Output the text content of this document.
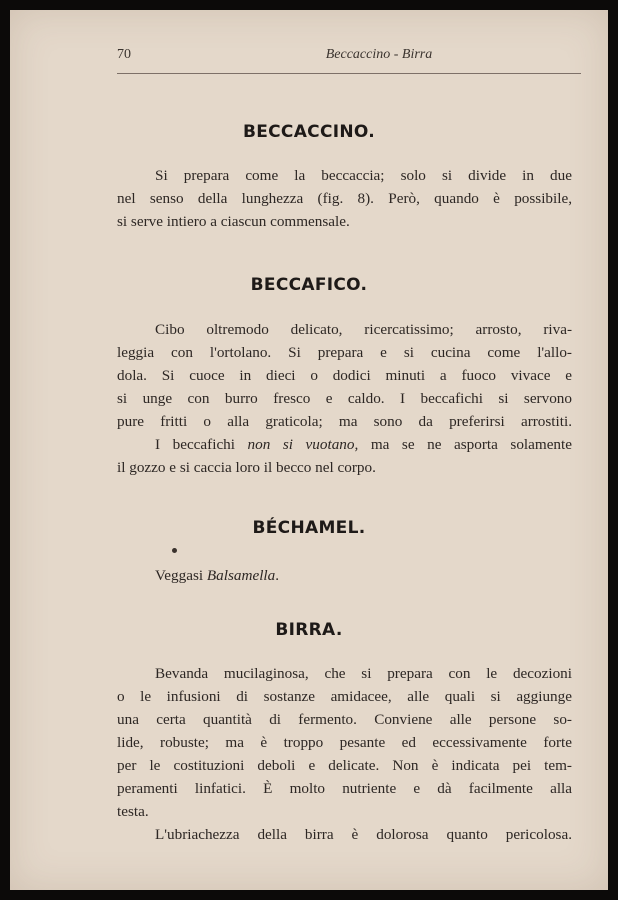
70	Beccaccino - Birra
BECCACCINO.
Si prepara come la beccaccia; solo si divide in due
nel senso della lunghezza (fig. 8). Però, quando è possibile,
si serve intiero a ciascun commensale.
BECCAFICO.
Cibo oltremodo delicato, ricercatissimo; arrosto, riva-
leggia con l'ortolano. Si prepara e si cucina come l'allo-
dola. Si cuoce in dieci o dodici minuti a fuoco vivace e
si unge con burro fresco e caldo. I beccafichi si servono
pure fritti o alla graticola; ma sono da preferirsi arrostiti.
I beccafichi non si vuotano, ma se ne asporta solamente
il gozzo e si caccia loro il becco nel corpo.
BÉCHAMEL.
Veggasi Balsamella.
BIRRA.
Bevanda mucilaginosa, che si prepara con le decozioni
o le infusioni di sostanze amidacee, alle quali si aggiunge
una certa quantità di fermento. Conviene alle persone so-
lide, robuste; ma è troppo pesante ed eccessivamente forte
per le costituzioni deboli e delicate. Non è indicata pei tem-
peramenti linfatici. È molto nutriente e dà facilmente alla
testa.
L'ubriachezza della birra è dolorosa quanto pericolosa.
